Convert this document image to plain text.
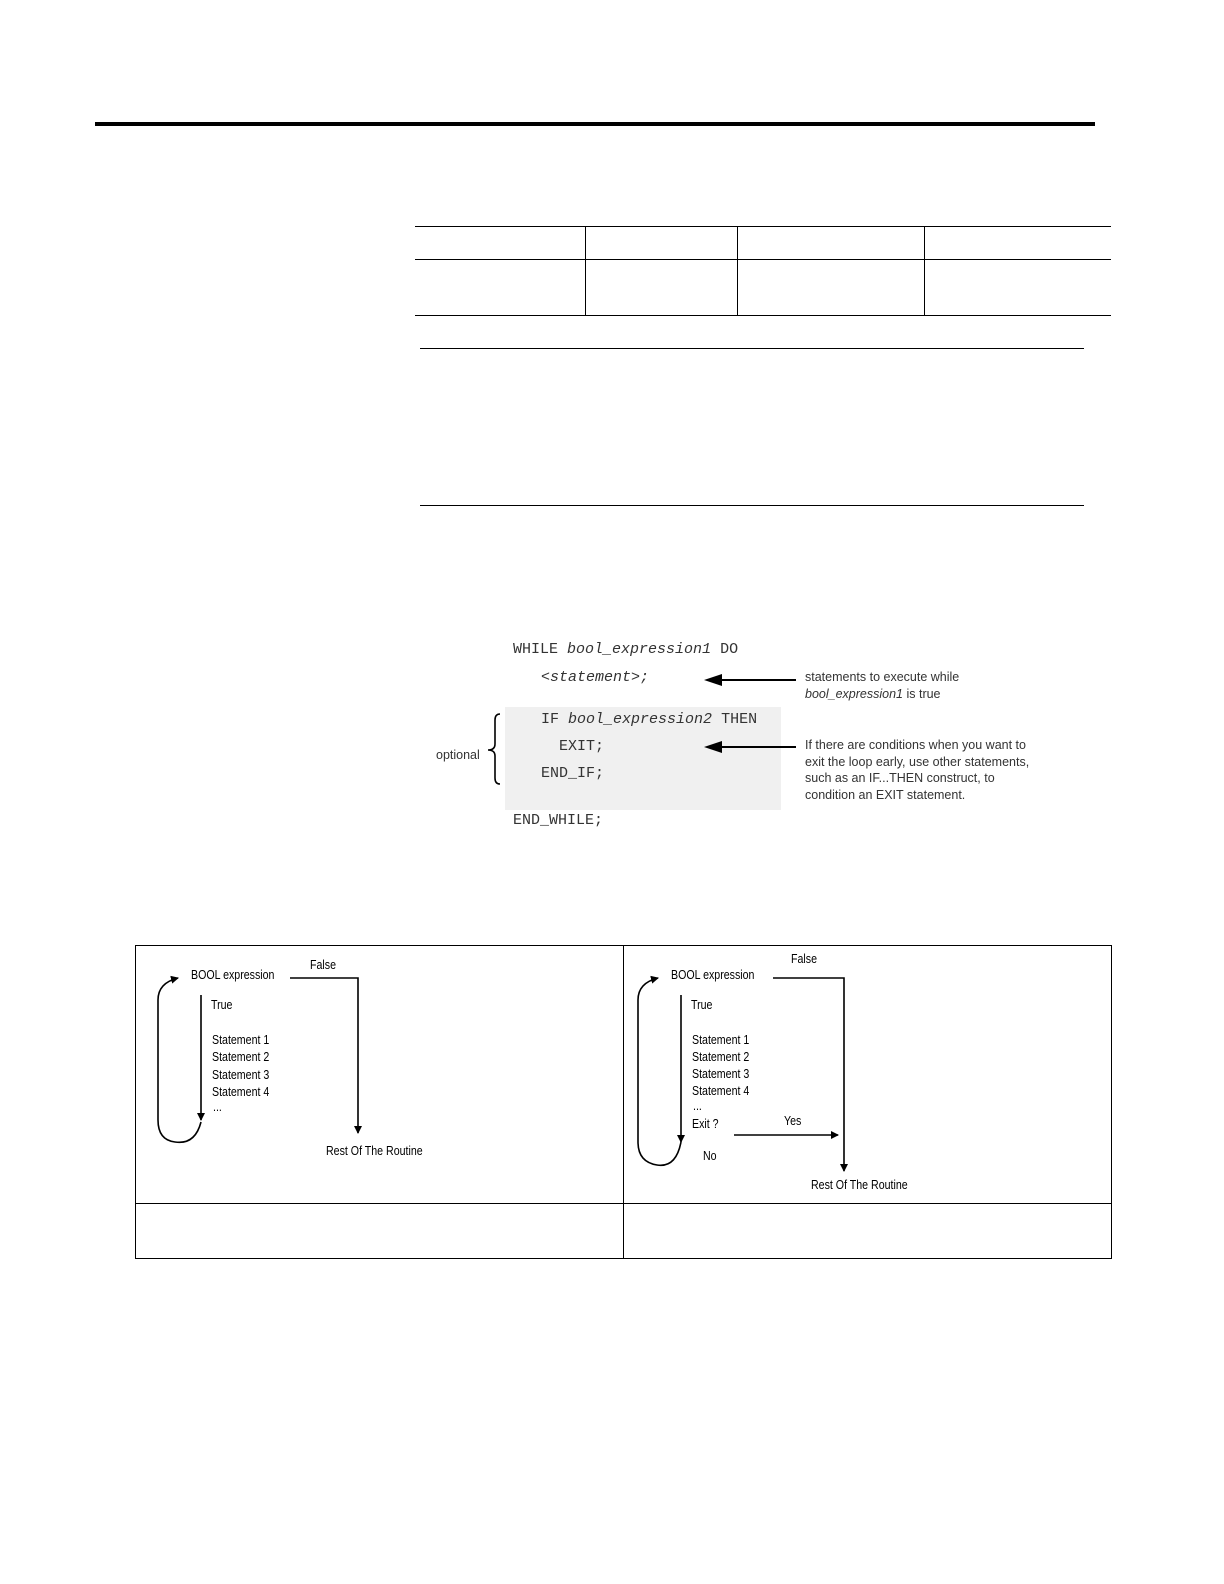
WHILE bool_expression1 DO
<statement>;
IF bool_expression2 THEN
EXIT;
END_IF;
END_WHILE;
optional
statements to execute while
bool_expression1 is true
If there are conditions when you want to
exit the loop early, use other statements,
such as an IF...THEN construct, to
condition an EXIT statement.
BOOL expression
False
True
Statement 1
Statement 2
Statement 3
Statement 4
...
Rest Of The Routine
BOOL expression
False
True
Statement 1
Statement 2
Statement 3
Statement 4
...
Exit ?	Yes
No
Rest Of The Routine
